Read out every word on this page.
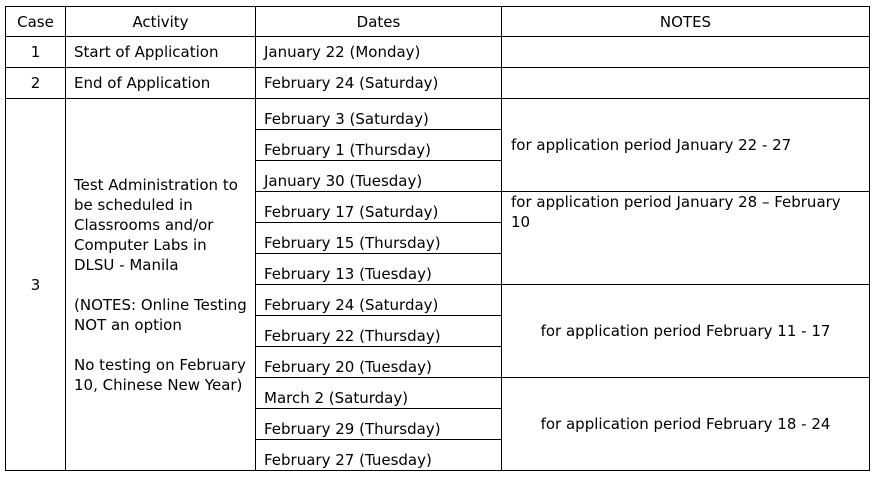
Case	Activity	Dates	NOTES
1	Start of Application	January 22 (Monday)	
2	End of Application	February 24 (Saturday)	
3	Test Administration to be scheduled in Classrooms and/or Computer Labs in DLSU - Manila
(NOTES: Online Testing NOT an option
No testing on February 10, Chinese New Year)	February 3 (Saturday)	for application period January 22 - 27
		February 1 (Thursday)	
		January 30 (Tuesday)	
		February 17 (Saturday)	for application period January 28 – February 10
		February 15 (Thursday)	
		February 13 (Tuesday)	
		February 24 (Saturday)	for application period February 11 - 17
		February 22 (Thursday)	
		February 20 (Tuesday)	
		March 2 (Saturday)	for application period February 18 - 24
		February 29 (Thursday)	
		February 27 (Tuesday)	
